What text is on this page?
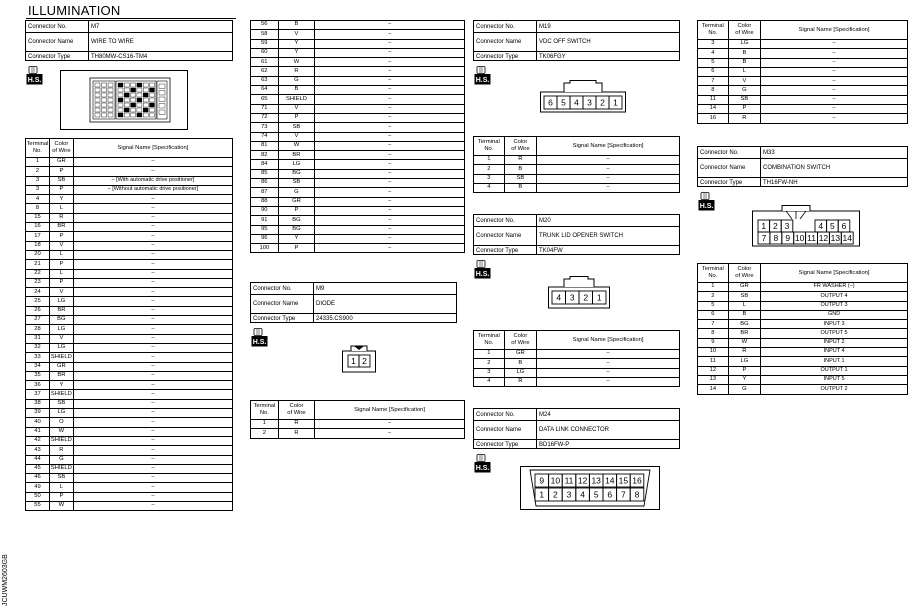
ILLUMINATION
JCUWM2603GB
Connector No.	M7
Connector Name	WIRE TO WIRE
Connector Type	TH80MW-CS16-TM4
H.S.
Terminal
No.	Color
of Wire	Signal Name [Specification]
1	GR	–
2	P	–
3	SB	– [With automatic drive positioner]
3	P	– [Without automatic drive positioner]
4	Y	–
8	L	–
15	R	–
16	BR	–
17	P	–
18	V	–
20	L	–
21	P	–
22	L	–
23	P	–
24	V	–
25	LG	–
26	BR	–
27	BG	–
28	LG	–
31	V	–
32	LG	–
33	SHIELD	–
34	GR	–
35	BR	–
36	Y	–
37	SHIELD	–
38	SB	–
39	LG	–
40	O	–
41	W	–
42	SHIELD	–
43	R	–
44	G	–
45	SHIELD	–
46	SB	–
49	L	–
50	P	–
55	W	–
56	B	–
58	V	–
59	Y	–
60	Y	–
61	W	–
62	R	–
63	G	–
64	B	–
65	SHIELD	–
71	V	–
72	P	–
73	SB	–
74	V	–
81	W	–
82	BR	–
84	LG	–
85	BG	–
86	SB	–
87	G	–
88	GR	–
90	P	–
91	BG	–
95	BG	–
96	Y	–
100	P	–
Connector No.	M9
Connector Name	DIODE
Connector Type	24335.CS900
H.S.
1 2
Terminal
No.	Color
of Wire	Signal Name [Specification]
1	R	–
2	R	–
Connector No.	M19
Connector Name	VDC OFF SWITCH
Connector Type	TK06FGY
H.S.
6 5 4 3 2 1
Terminal
No.	Color
of Wire	Signal Name [Specification]
1	R	–
2	B	–
3	SB	–
4	B	–
Connector No.	M20
Connector Name	TRUNK LID OPENER SWITCH
Connector Type	TK04FW
H.S.
4 3 2 1
Terminal
No.	Color
of Wire	Signal Name [Specification]
1	GR	–
2	B	–
3	LG	–
4	R	–
Connector No.	M24
Connector Name	DATA LINK CONNECTOR
Connector Type	BD16FW-P
H.S.
9 10 11 12 13 14 15 16
1 2 3 4 5 6 7 8
Terminal
No.	Color
of Wire	Signal Name [Specification]
3	LG	–
4	B	–
5	B	–
6	L	–
7	V	–
8	G	–
11	SB	–
14	P	–
16	R	–
Connector No.	M33
Connector Name	COMBINATION SWITCH
Connector Type	TH16FW-NH
H.S.
1 2 3
7 8 9 10 11 12 13 14
4 5 6
Terminal
No.	Color
of Wire	Signal Name [Specification]
1	GR	FR WASHER (–)
2	SB	OUTPUT 4
5	L	OUTPUT 3
6	B	GND
7	BG	INPUT 3
8	BR	OUTPUT 5
9	W	INPUT 2
10	R	INPUT 4
11	LG	INPUT 1
12	P	OUTPUT 1
13	Y	INPUT 5
14	G	OUTPUT 2
